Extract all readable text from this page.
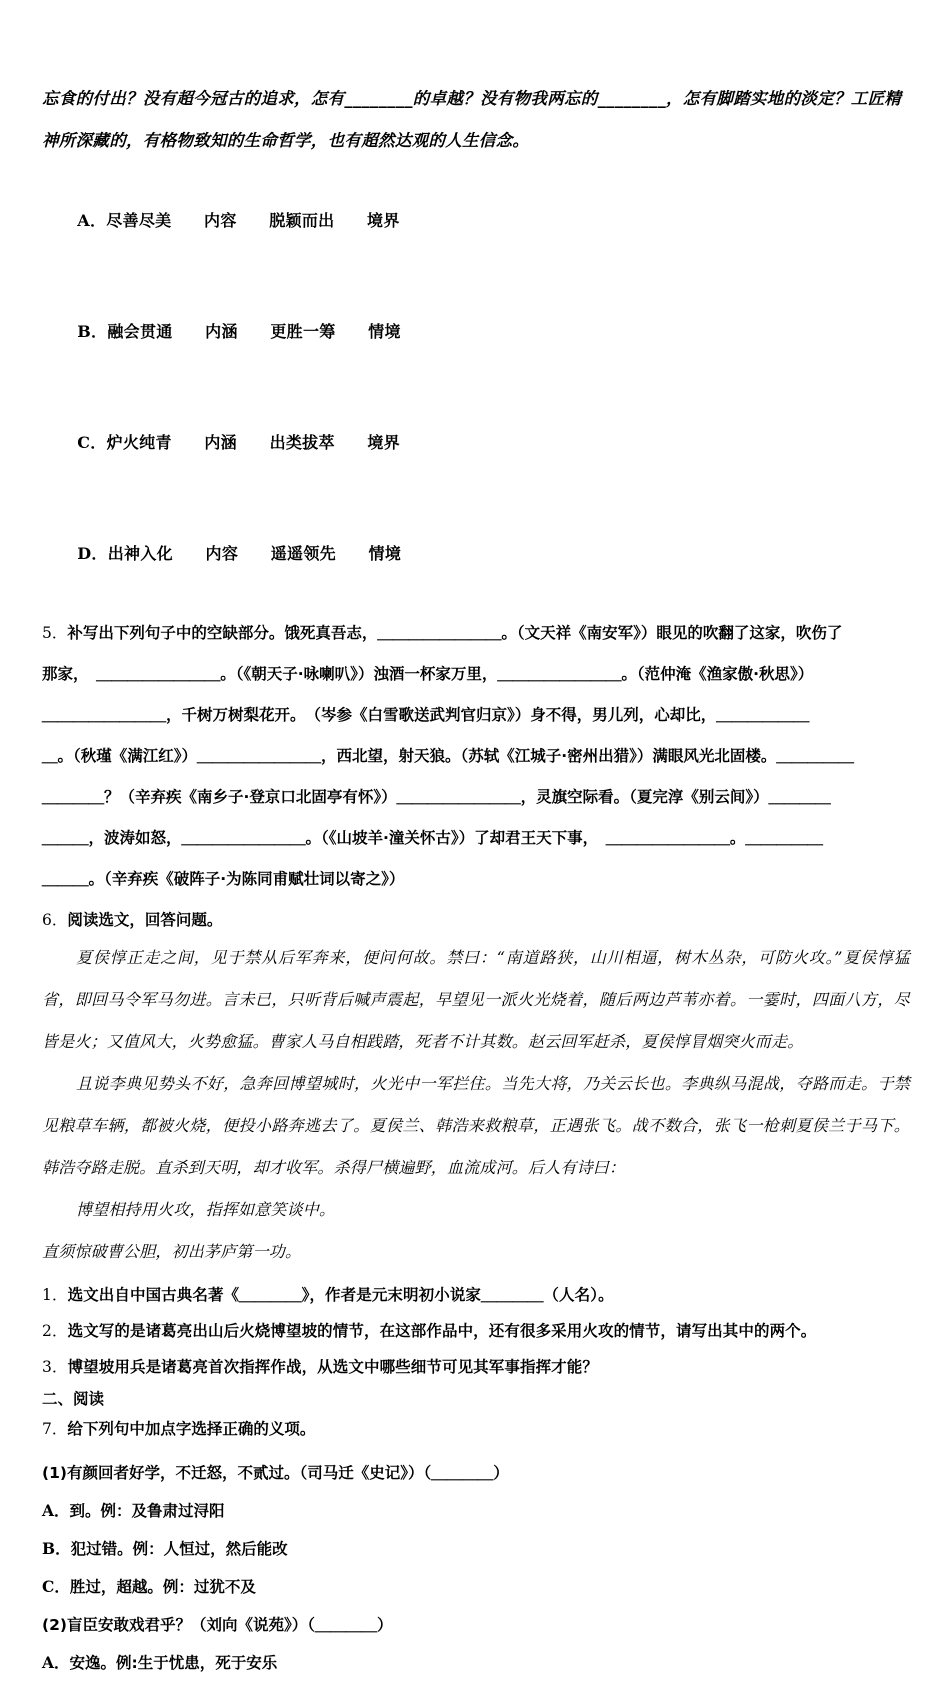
忘食的付出？没有超今冠古的追求，怎有________的卓越？没有物我两忘的________，怎有脚踏实地的淡定？工匠精
神所深藏的，有格物致知的生命哲学，也有超然达观的人生信念。

A．尽善尽美　　内容　　脱颖而出　　境界

B．融会贯通　　内涵　　更胜一筹　　情境

C．炉火纯青　　内涵　　出类拔萃　　境界

D．出神入化　　内容　　遥遥领先　　情境

5．补写出下列句子中的空缺部分。饿死真吾志，＿＿＿＿＿＿＿＿。（文天祥《南安军》）眼见的吹翻了这家，吹伤了
那家，　＿＿＿＿＿＿＿＿。（《朝天子·咏喇叭》）浊酒一杯家万里，＿＿＿＿＿＿＿＿。（范仲淹《渔家傲·秋思》）
＿＿＿＿＿＿＿＿，千树万树梨花开。　（岑参《白雪歌送武判官归京》）身不得，男儿列，心却比，＿＿＿＿＿＿
＿。（秋瑾《满江红》）＿＿＿＿＿＿＿＿，西北望，射天狼。（苏轼《江城子·密州出猎》）满眼风光北固楼。＿＿＿＿＿
＿＿＿＿？（辛弃疾《南乡子·登京口北固亭有怀》）＿＿＿＿＿＿＿＿，灵旗空际看。（夏完淳《别云间》）＿＿＿＿
＿＿＿，波涛如怒，＿＿＿＿＿＿＿＿。（《山坡羊·潼关怀古》）了却君王天下事，　＿＿＿＿＿＿＿＿。＿＿＿＿＿
＿＿＿。（辛弃疾《破阵子·为陈同甫赋壮词以寄之》）
6．阅读选文，回答问题。
夏侯惇正走之间，见于禁从后军奔来，便问何故。禁曰：“南道路狭，山川相逼，树木丛杂，可防火攻。”夏侯惇猛省，即回马令军马勿进。言未已，只听背后喊声震起，早望见一派火光烧着，随后两边芦苇亦着。一霎时，四面八方，尽皆是火；又值风大，火势愈猛。曹家人马自相践踏，死者不计其数。赵云回军赶杀，夏侯惇冒烟突火而走。
且说李典见势头不好，急奔回博望城时，火光中一军拦住。当先大将，乃关云长也。李典纵马混战，夺路而走。于禁见粮草车辆，都被火烧，便投小路奔逃去了。夏侯兰、韩浩来救粮草，正遇张飞。战不数合，张飞一枪刺夏侯兰于马下。韩浩夺路走脱。直杀到天明，却才收军。杀得尸横遍野，血流成河。后人有诗曰：
博望相持用火攻，指挥如意笑谈中。
直须惊破曹公胆，初出茅庐第一功。
1．选文出自中国古典名著《＿＿＿＿》，作者是元末明初小说家＿＿＿＿（人名）。
2．选文写的是诸葛亮出山后火烧博望坡的情节，在这部作品中，还有很多采用火攻的情节，请写出其中的两个。
3．博望坡用兵是诸葛亮首次指挥作战，从选文中哪些细节可见其军事指挥才能？
二、阅读
7．给下列句中加点字选择正确的义项。
(1)有颜回者好学，不迁怒，不贰过。（司马迁《史记》）（＿＿＿＿）
A．到。例：及鲁肃过浔阳
B．犯过错。例：人恒过，然后能改
C．胜过，超越。例：过犹不及
(2)盲臣安敢戏君乎？（刘向《说苑》）（＿＿＿＿）
A．安逸。例:生于忧患，死于安乐
